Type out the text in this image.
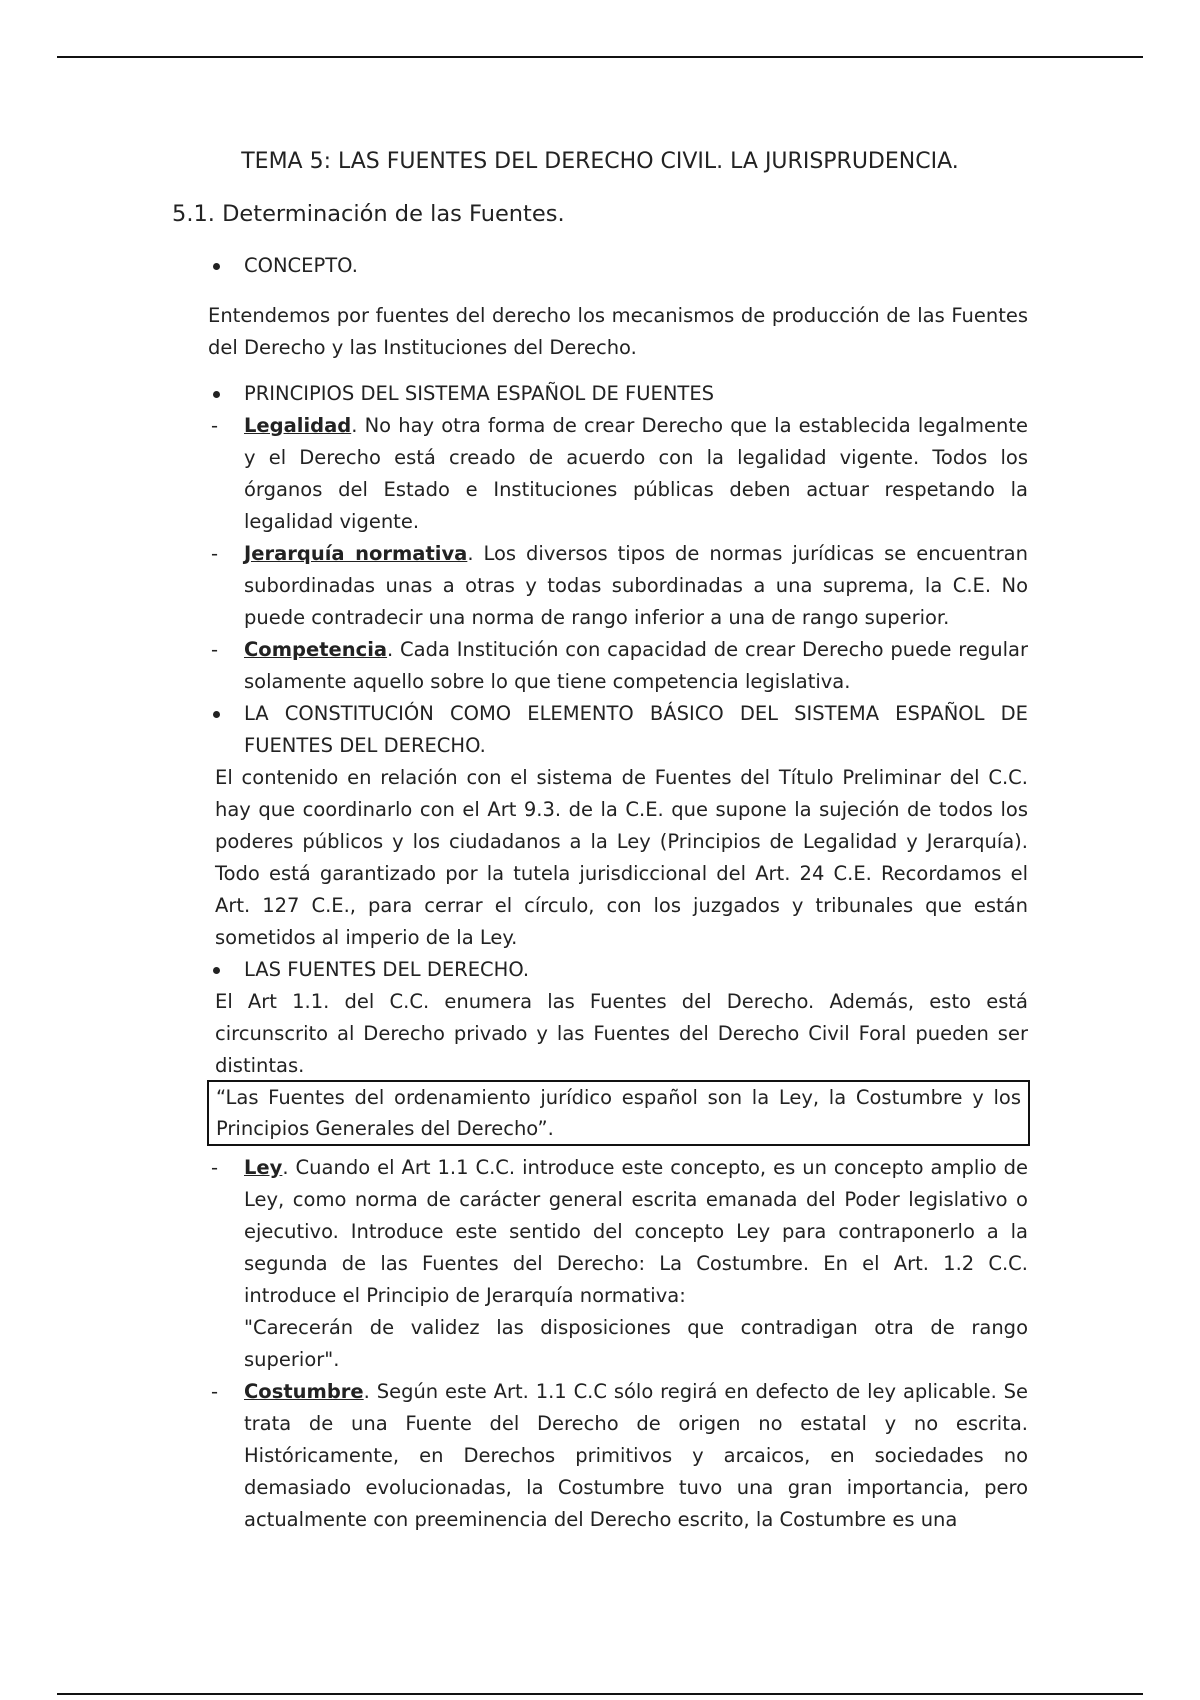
TEMA 5: LAS FUENTES DEL DERECHO CIVIL. LA JURISPRUDENCIA.
5.1. Determinación de las Fuentes.
CONCEPTO.
Entendemos por fuentes del derecho los mecanismos de producción de las Fuentes del Derecho y las Instituciones del Derecho.
PRINCIPIOS DEL SISTEMA ESPAÑOL DE FUENTES
- Legalidad. No hay otra forma de crear Derecho que la establecida legalmente y el Derecho está creado de acuerdo con la legalidad vigente. Todos los órganos del Estado e Instituciones públicas deben actuar respetando la legalidad vigente.
- Jerarquía normativa. Los diversos tipos de normas jurídicas se encuentran subordinadas unas a otras y todas subordinadas a una suprema, la C.E. No puede contradecir una norma de rango inferior a una de rango superior.
- Competencia. Cada Institución con capacidad de crear Derecho puede regular solamente aquello sobre lo que tiene competencia legislativa.
LA CONSTITUCIÓN COMO ELEMENTO BÁSICO DEL SISTEMA ESPAÑOL DE FUENTES DEL DERECHO.
El contenido en relación con el sistema de Fuentes del Título Preliminar del C.C. hay que coordinarlo con el Art 9.3. de la C.E. que supone la sujeción de todos los poderes públicos y los ciudadanos a la Ley (Principios de Legalidad y Jerarquía). Todo está garantizado por la tutela jurisdiccional del Art. 24 C.E. Recordamos el Art. 127 C.E., para cerrar el círculo, con los juzgados y tribunales que están sometidos al imperio de la Ley.
LAS FUENTES DEL DERECHO.
El Art 1.1. del C.C. enumera las Fuentes del Derecho. Además, esto está circunscrito al Derecho privado y las Fuentes del Derecho Civil Foral pueden ser distintas.
“Las Fuentes del ordenamiento jurídico español son la Ley, la Costumbre y los Principios Generales del Derecho”.
- Ley. Cuando el Art 1.1 C.C. introduce este concepto, es un concepto amplio de Ley, como norma de carácter general escrita emanada del Poder legislativo o ejecutivo. Introduce este sentido del concepto Ley para contraponerlo a la segunda de las Fuentes del Derecho: La Costumbre. En el Art. 1.2 C.C. introduce el Principio de Jerarquía normativa:
"Carecerán de validez las disposiciones que contradigan otra de rango superior".
- Costumbre. Según este Art. 1.1 C.C sólo regirá en defecto de ley aplicable. Se trata de una Fuente del Derecho de origen no estatal y no escrita. Históricamente, en Derechos primitivos y arcaicos, en sociedades no demasiado evolucionadas, la Costumbre tuvo una gran importancia, pero actualmente con preeminencia del Derecho escrito, la Costumbre es una
